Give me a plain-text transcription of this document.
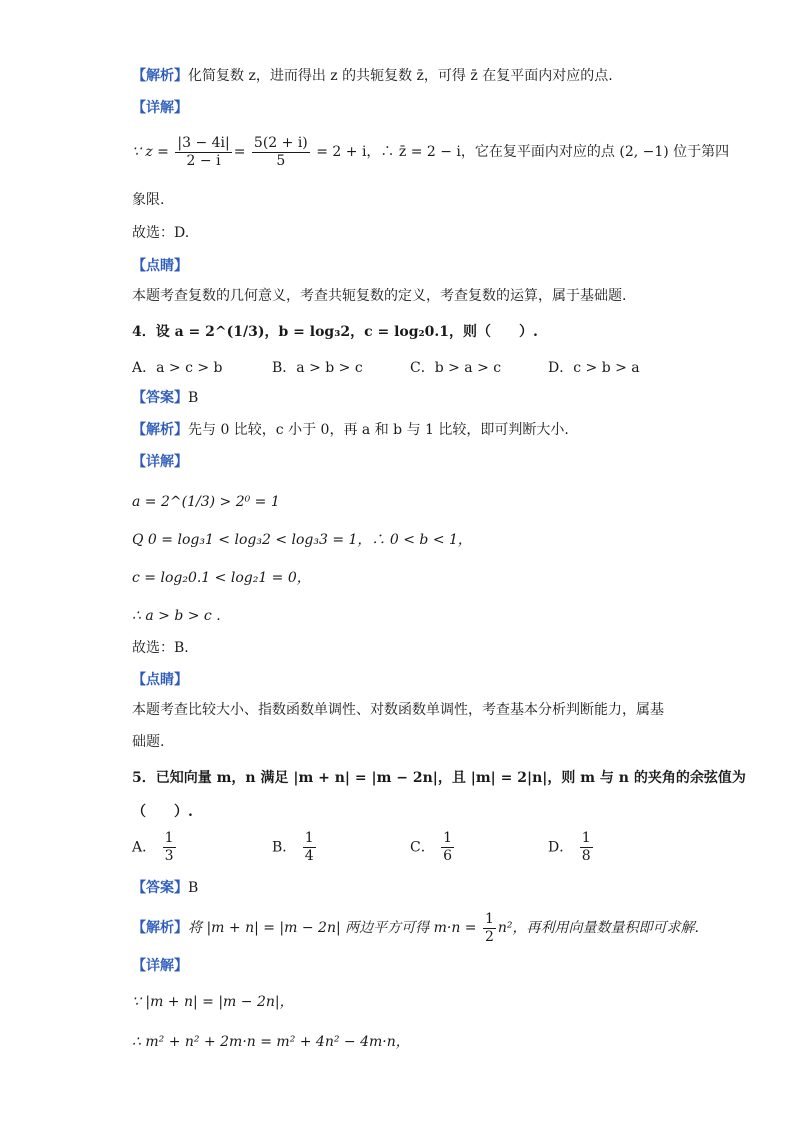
【解析】化简复数 z，进而得出 z 的共轭复数 z̄，可得 z̄ 在复平面内对应的点.
【详解】
∵ $z = \frac{|3 - 4i|}{2 - i} = \frac{5(2 + i)}{5} = 2 + i$，∴ z̄ = 2 − i，它在复平面内对应的点 (2, −1) 位于第四
象限.
故选：D.
【点睛】
本题考查复数的几何意义，考查共轭复数的定义，考查复数的运算，属于基础题.
4．设 a = 2^(1/3)，b = log₃2，c = log₂0.1，则（　　）.
A．a > c > b	B．a > b > c	C．b > a > c	D．c > b > a
【答案】B
【解析】先与 0 比较，c 小于 0，再 a 和 b 与 1 比较，即可判断大小.
【详解】
a = 2^(1/3) > 2⁰ = 1
Q 0 = log₃1 < log₃2 < log₃3 = 1，∴ 0 < b < 1，
c = log₂0.1 < log₂1 = 0，
∴ a > b > c .
故选：B.
【点睛】
本题考查比较大小、指数函数单调性、对数函数单调性，考查基本分析判断能力，属基
础题.
5．已知向量 m，n 满足 |m + n| = |m − 2n|，且 |m| = 2|n|，则 m 与 n 的夹角的余弦值为
（　　）.
A． $\frac{1}{3}$	B． $\frac{1}{4}$	C． $\frac{1}{6}$	D． $\frac{1}{8}$
【答案】B
【解析】将 |m + n| = |m − 2n| 两边平方可得 $m\cdot n = \frac{1}{2} n^2$，再利用向量数量积即可求解.
【详解】
∵ |m + n| = |m − 2n|，
∴ m² + n² + 2m·n = m² + 4n² − 4m·n，
